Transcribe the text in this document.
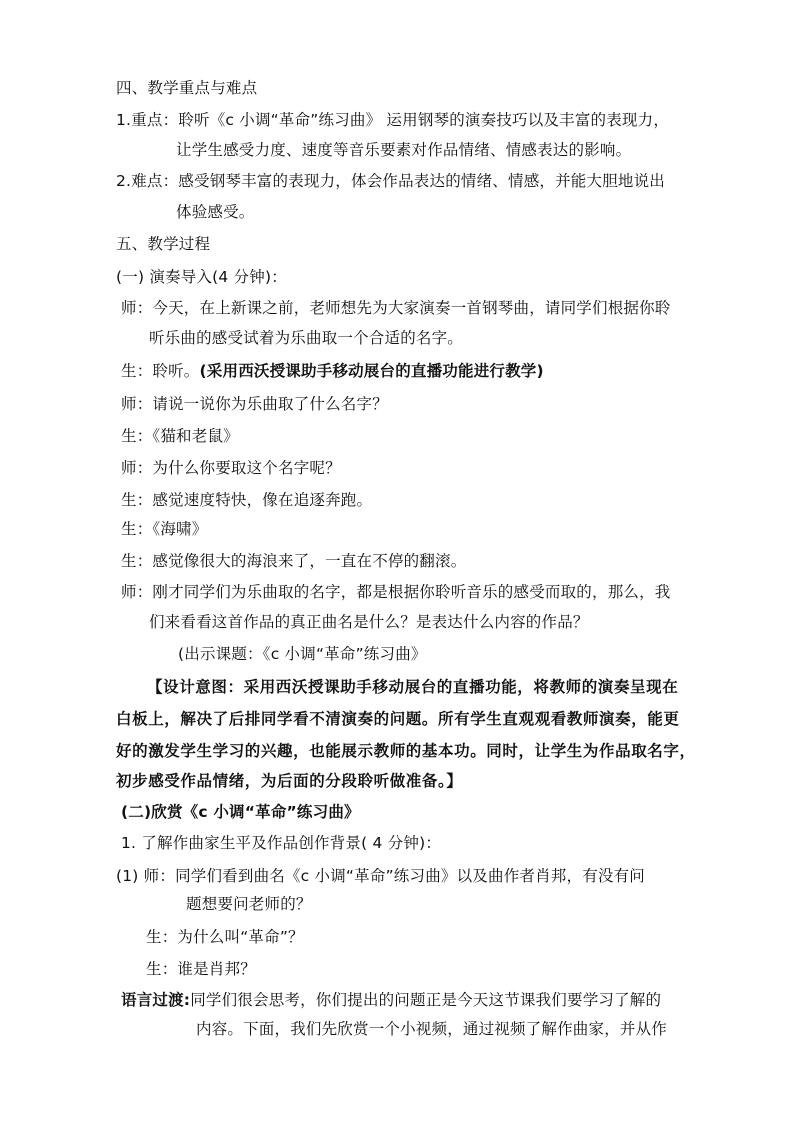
四、教学重点与难点
1.重点：聆听《c 小调“革命”练习曲》 运用钢琴的演奏技巧以及丰富的表现力，
让学生感受力度、速度等音乐要素对作品情绪、情感表达的影响。
2.难点：感受钢琴丰富的表现力，体会作品表达的情绪、情感，并能大胆地说出
体验感受。
五、教学过程
(一) 演奏导入(4 分钟)：
师：今天，在上新课之前，老师想先为大家演奏一首钢琴曲，请同学们根据你聆
听乐曲的感受试着为乐曲取一个合适的名字。
生：聆听。(采用西沃授课助手移动展台的直播功能进行教学)
师：请说一说你为乐曲取了什么名字？
生：《猫和老鼠》
师：为什么你要取这个名字呢？
生：感觉速度特快，像在追逐奔跑。
生：《海啸》
生：感觉像很大的海浪来了，一直在不停的翻滚。
师：刚才同学们为乐曲取的名字，都是根据你聆听音乐的感受而取的，那么，我
们来看看这首作品的真正曲名是什么？是表达什么内容的作品？
(出示课题：《c 小调“革命”练习曲》
【设计意图：采用西沃授课助手移动展台的直播功能，将教师的演奏呈现在
白板上，解决了后排同学看不清演奏的问题。所有学生直观观看教师演奏，能更
好的激发学生学习的兴趣，也能展示教师的基本功。同时，让学生为作品取名字，
初步感受作品情绪，为后面的分段聆听做准备。】
(二)欣赏《c 小调“革命”练习曲》
1. 了解作曲家生平及作品创作背景( 4 分钟)：
(1) 师：同学们看到曲名《c 小调“革命”练习曲》以及曲作者肖邦，有没有问
题想要问老师的？
生：为什么叫“革命”？
生：谁是肖邦？
语言过渡:同学们很会思考，你们提出的问题正是今天这节课我们要学习了解的
内容。下面，我们先欣赏一个小视频，通过视频了解作曲家，并从作
